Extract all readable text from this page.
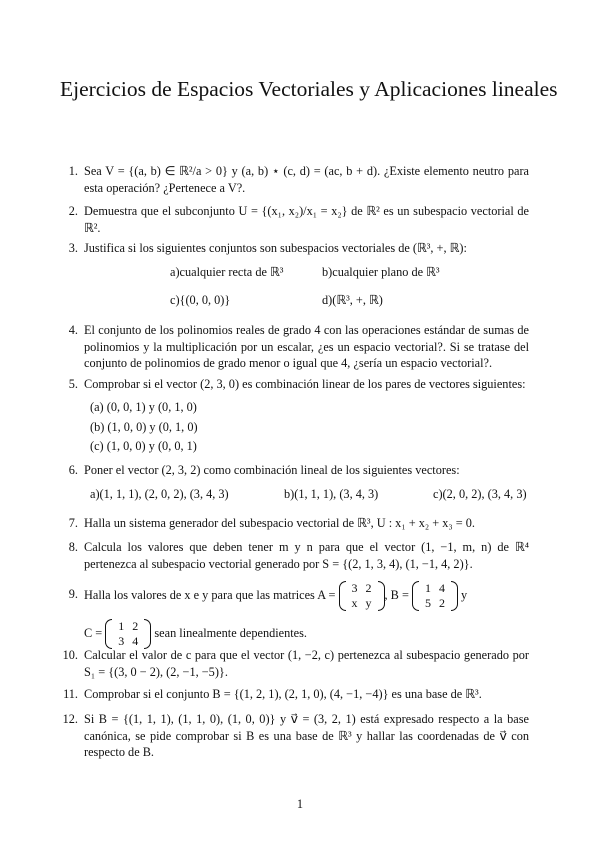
Ejercicios de Espacios Vectoriales y Aplicaciones lineales
1. Sea V = {(a, b) ∈ ℝ²/a > 0} y (a, b) ⋆ (c, d) = (ac, b + d). ¿Existe elemento neutro para esta operación? ¿Pertenece a V?.
2. Demuestra que el subconjunto U = {(x₁, x₂)/x₁ = x₂} de ℝ² es un subespacio vectorial de ℝ².
3. Justifica si los siguientes conjuntos son subespacios vectoriales de (ℝ³, +, ℝ):
a)cualquier recta de ℝ³	b)cualquier plano de ℝ³
c){(0, 0, 0)}	d)(ℝ³, +, ℝ)
4. El conjunto de los polinomios reales de grado 4 con las operaciones estándar de sumas de polinomios y la multiplicación por un escalar, ¿es un espacio vectorial?. Si se tratase del conjunto de polinomios de grado menor o igual que 4, ¿sería un espacio vectorial?.
5. Comprobar si el vector (2, 3, 0) es combinación linear de los pares de vectores siguientes:
(a) (0, 0, 1) y (0, 1, 0)
(b) (1, 0, 0) y (0, 1, 0)
(c) (1, 0, 0) y (0, 0, 1)
6. Poner el vector (2, 3, 2) como combinación lineal de los siguientes vectores:
a)(1, 1, 1), (2, 0, 2), (3, 4, 3)	b)(1, 1, 1), (3, 4, 3)	c)(2, 0, 2), (3, 4, 3)
7. Halla un sistema generador del subespacio vectorial de ℝ³, U : x₁ + x₂ + x₃ = 0.
8. Calcula los valores que deben tener m y n para que el vector (1, −1, m, n) de ℝ⁴ pertenezca al subespacio vectorial generado por S = {(2, 1, 3, 4), (1, −1, 4, 2)}.
9. Halla los valores de x e y para que las matrices A = 3	2
x	y
, B = 1	4
5	2
y
C = 1	2
3	4
sean linealmente dependientes.
10. Calcular el valor de c para que el vector (1, −2, c) pertenezca al subespacio generado por S₁ = {(3, 0 − 2), (2, −1, −5)}.
11. Comprobar si el conjunto B = {(1, 2, 1), (2, 1, 0), (4, −1, −4)} es una base de ℝ³.
12. Si B = {(1, 1, 1), (1, 1, 0), (1, 0, 0)} y v⃗ = (3, 2, 1) está expresado respecto a la base canónica, se pide comprobar si B es una base de ℝ³ y hallar las coordenadas de v⃗ con respecto de B.
1
